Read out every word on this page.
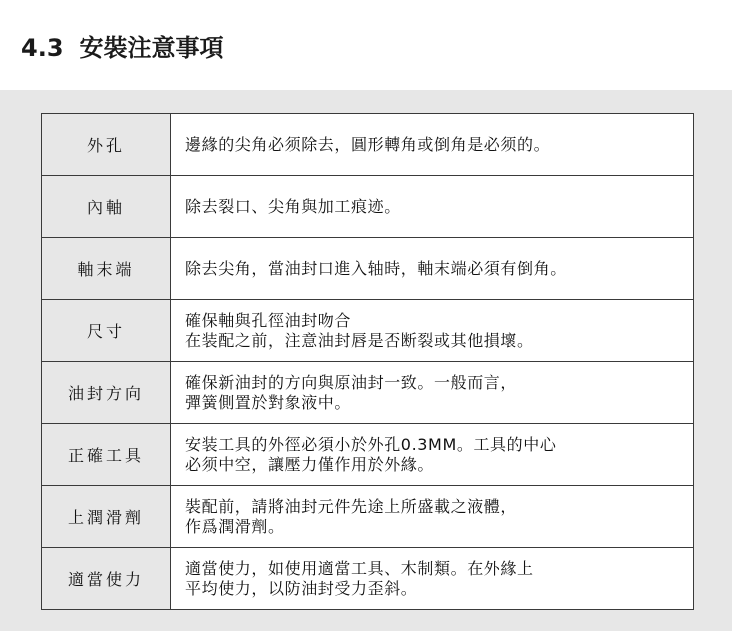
4.3 安裝注意事項
外孔	邊緣的尖角必须除去，圓形轉角或倒角是必须的。

內軸	除去裂口、尖角與加工痕迹。

軸末端	除去尖角，當油封口進入轴時，軸末端必須有倒角。

尺寸	確保軸與孔徑油封吻合
在装配之前，注意油封唇是否断裂或其他損壞。

油封方向	確保新油封的方向與原油封一致。一般而言，
彈簧側置於對象液中。

正確工具	安装工具的外徑必須小於外孔0.3MM。工具的中心
必须中空，讓壓力僅作用於外緣。

上潤滑劑	裝配前，請將油封元件先途上所盛載之液體，
作爲潤滑劑。

適當使力	適當使力，如使用適當工具、木制類。在外緣上
平均使力，以防油封受力歪斜。
